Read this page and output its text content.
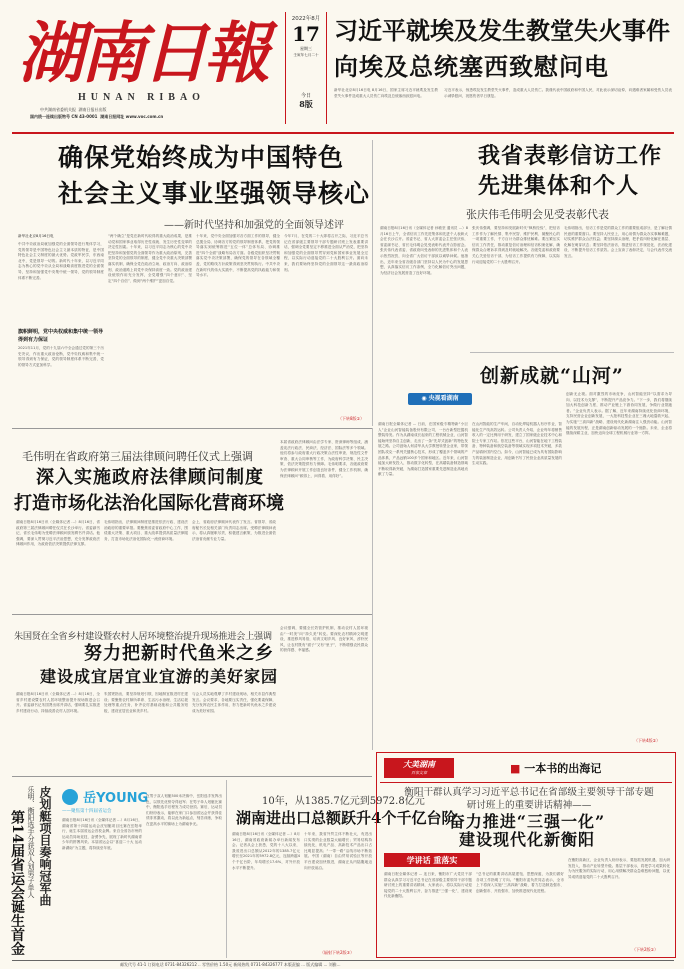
湖南日報
HUNAN RIBAO
中共湖南省委机关报 湖南日报社出版
国内统一连续出版物号 CN 43-0001 湖南日报网址 www.voc.com.cn
2022年8月
17
星期三
壬寅年七月二十
今日
8版
习近平就埃及发生教堂失火事件
向埃及总统塞西致慰问电
新华社北京8月16日电 8月16日，国家主席习近平就埃及发生教堂失火事件造成重大人员伤亡向埃及总统塞西致慰问电。
习近平表示，惊悉埃及发生教堂失火事件，造成重大人员伤亡。我谨代表中国政府和中国人民，对此表示深切哀悼，向遇难者家属和受伤人员表示诚挚慰问，祝愿伤者早日康复。
确保党始终成为中国特色
社会主义事业坚强领导核心
——新时代坚持和加强党的全面领导述评
新华社北京8月16日电
中共中央政治局就加强党的全面领导进行集体学习，党的领导是中国特色社会主义最本质的特征，是中国特色社会主义制度的最大优势。党政军民学，东西南北中，党是领导一切的。新时代十年来，以习近平同志为核心的党中央从全局和战略高度推进党的全面领导，坚持和加强党中央集中统一领导，党的领导制度体系不断完善。
旗帜鲜明，党中央权威和集中统一领导得到有力保证
2021年11月，党的十九届六中全会通过党的第三个历史决议，作出重大政治论断，党中央权威和集中统一领导得到有力保证，党的领导制度体系不断完善，党的领导方式更加科学。
“两个确立”是党在新时代取得的重大政治成果，是推动党和国家事业取得历史性成就、发生历史性变革的决定性因素。十年来，以习近平同志为核心的党中央把坚持和加强党的全面领导作为重大政治原则，完善坚持党的全面领导的制度，健全党中央重大决策部署落实机制，确保全党在政治立场、政治方向、政治原则、政治道路上同党中央保持高度一致。党的政治建设统领作用充分发挥，全党增强“四个意识”、坚定“四个自信”、做到“两个维护”更加自觉。
十年来，党中央全面加强对各方面工作的领导，健全总揽全局、协调各方的党的领导制度体系，把党的领导落实到统筹推进“五位一体”总体布局、协调推进“四个全面”战略布局各方面。各级党组织坚决贯彻落实党中央决策部署，确保党的领导在各领域全覆盖，党的路线方针政策得到坚决贯彻执行。中共中央在新时代的伟大实践中，不断提高党的执政能力和领导水平。
今年7月，在党的二十大即将召开之际，习近平总书记在省部级主要领导干部专题研讨班上发表重要讲话，强调全党要坚定不移推进全面从严治党，把坚持和加强党的全面领导贯穿到党和国家事业发展全过程，以实际行动迎接党的二十大胜利召开。面向未来，我们要始终坚持党的全面领导这一最高政治原则。
（下转8版①）
我省表彰信访工作
先进集体和个人
张庆伟毛伟明会见受表彰代表
湖南日报8月16日讯（全媒体记者 孙敏坚 通讯员 ...）8月16日上午，全省信访工作先进集体和先进个人表彰大会在长沙召开。省委书记、省人大常委会主任张庆伟，省委副书记、省长毛伟明会见受表彰代表并合影留念。张庆伟代表省委、省政府向受表彰的先进集体和个人表示热烈祝贺，向全省广大信访干部致以诚挚问候。他指出，近年来全省各级各部门坚持以人民为中心的发展思想，认真落实信访工作条例，全力化解信访突出问题，为经济社会发展营造了良好环境。
张庆伟强调，要坚持和发展新时代“枫桥经验”，把信访工作作为了解民情、集中民智、维护民利、凝聚民心的一项重要工作，千方百计为群众排忧解难。要压紧压实信访工作责任，推动重复信访治理和信访积案化解，确保群众合理诉求得到及时就地解决。各级党委和政府要关心关爱信访干部，为信访工作提供有力保障，以实际行动迎接党的二十大胜利召开。
毛伟明指出，信访工作是党的群众工作的重要组成部分，是了解社情民意的重要窗口。要坚持人民至上，用心用情为群众办实事解难题，切实维护群众合法权益；要坚持源头治理，把矛盾纠纷化解在基层、化解在萌芽状态；要坚持依法治访，推进信访工作规范化、法治化建设，不断提升信访工作质效。会上宣读了表彰决定，与会代表作交流发言。
创新成就“山河”
◉ 央视看湖南
湖南日报全媒体记者 ... 日前，在国家级专精特新“小巨人”企业山河智能装备股份有限公司，一台台新型挖掘机整装待发。作为从湖南成长起来的工程机械企业，山河智能始终坚持自主创新，走出了一条“先导式创新”的特色发展之路。公司创始人何清华从大学教授转型企业家，带领团队攻克一系列关键核心技术，形成了覆盖多个领域的产品体系，产品远销100多个国家和地区。近年来，山河智能加大研发投入，推动数字化转型，在高端装备制造领域不断取得新突破，为湖南打造国家重要先进制造业高地贡献了力量。
在山河智能的生产车间，自动化焊接机器人有序作业，智能化生产线高效运转。公司负责人介绍，企业每年将销售收入的一定比例用于研发，建立了国家级企业技术中心和院士专家工作站。依托这些平台，山河智能在地下工程装备、特种装备和航空装备等领域实现多项技术突破，多款产品填补国内空白。如今，山河智能已成为具有国际影响力的装备制造企业，用创新书写了民营企业高质量发展的生动实践。
创新无止境。面对激烈的市场竞争，山河智能坚持“以需求为导向、以技术为支撑”，不断提升产品竞争力。“下一步，我们将继续加大科技创新力度，推动产业链上下游协同发展，争做行业领跑者。”企业负责人表示。据了解，近年来湖南持续优化营商环境，支持民营企业创新发展，一大批科技型企业在三湘大地蓬勃兴起，为实施“三高四新”战略、建设现代化新湖南注入强劲动能。山河智能的发展历程，正是湖南创新驱动发展的一个缩影。未来，企业将继续深耕主业，加快迈向全球工程机械行业第一方阵。
（下转4版②）
毛伟明在省政府第三届法律顾问聘任仪式上强调
深入实施政府法律顾问制度
打造市场化法治化国际化营商环境
湖南日报8月16日讯（全媒体记者 ...）8月16日，省政府第三届法律顾问聘任仪式在长沙举行。省委副书记、省长毛伟明为受聘法律顾问颁发聘书并讲话。他强调，要深入贯彻习近平法治思想，充分发挥政府法律顾问作用，为政府依法决策提供法律支撑。
毛伟明指出，法律顾问制度是推进依法行政、建设法治政府的重要举措。要聚焦省委省政府中心工作，围绕重大决策、重大项目、重大改革提供高质量法律服务，打造市场化法治化国际化一流营商环境。
会上，省政府法律顾问代表作了发言。省领导、省政府秘书长及相关部门负责同志出席。受聘法律顾问表示，将认真履职尽责，积极建言献策，为推进全面依法治省贡献专业力量。
本届省政府法律顾问由法学专家、资深律师等组成，涵盖宪法行政法、民商法、经济法、国际法等多个领域。他们将参与政府重大行政决策合法性审查、规范性文件审查、重大合同审核等工作，为政府科学决策、民主决策、依法决策提供有力保障。毛伟明要求，各级政府要为法律顾问开展工作创造良好条件，健全工作机制，确保法律顾问“顾得上、问得着、用得好”。
朱国贤在全省乡村建设暨农村人居环境整治提升现场推进会上强调
努力把新时代鱼米之乡
建设成宜居宜业宜游的美好家园
湖南日报8月16日讯（全媒体记者 ...）8月16日，全省乡村建设暨农村人居环境整治提升现场推进会召开。省委副书记朱国贤出席并讲话，强调要扎实推进乡村建设行动，持续改善农村人居环境。
朱国贤指出，要坚持规划引领，因地制宜推进村庄建设；要聚焦农村厕所革命、生活污水治理、生活垃圾处理等重点任务，补齐农村基础设施和公共服务短板，建设宜居宜业和美乡村。
与会人员实地观摩了乡村建设现场，相关市县作典型发言。会议要求，各地要压实责任，强化要素保障，充分发挥农民主体作用，努力把新时代鱼米之乡建设成为美好家园。
会议强调，要健全长效管护机制，推动农村人居环境由“一时美”向“持久美”转变。要深化农村精神文明建设，推进移风易俗，培育文明乡风、良好家风、淳朴民风，让农村既有“面子”又有“里子”，不断增强农民群众的获得感、幸福感。
皮划艇项目奏响冠军曲
乐明、衡阳选手分获双人划男子单人
第14届省运会诞生首金
岳YOUNG
——聚焦第十四届省运会
湖南日报8月16日讯（全媒体记者 ...）8月16日，湖南省第十四届运动会皮划艇项目比赛在岳阳举行，诞生本届省运会首枚金牌。来自全省各市州的运动员同场竞技，奋勇争先，展现了新时代湖南青少年的拼搏风采。本届省运会以“喜迎二十大 运动新湖南”为主题，将持续至年底。
在男子双人划艇500米决赛中，岳阳选手发挥出色，以领先优势夺得冠军；在男子单人划艇比赛中，衡阳选手后程发力成功登顶。赛后，运动员们纷纷表示，能够在家门口参加省运会并获得佳绩非常激动，将以此为新起点，刻苦训练，争取在更高水平的赛场上为湖南争光。
10年，从1385.7亿元到5972.8亿元
湖南进出口总额跃升4个千亿台阶
湖南日报8月16日讯（全媒体记者 ...）8月16日，湖南省政府新闻办举行新闻发布会。记者从会上获悉，党的十八大以来，我省进出口总额从2012年的1385.7亿元增长至2021年的5972.8亿元，连续跨越4个千亿台阶，年均增长17.6%，对外开放水平不断提升。
十年来，我省外贸主体不断壮大，有进出口实绩的企业数量大幅增长；贸易结构持续优化，机电产品、高新技术产品出口占比明显提高；“一带一路”沿线市场不断拓展。中国（湖南）自由贸易试验区等开放平台建设加快推进，湖南正从内陆腹地迈向开放前沿。
（辐射下转2版③）
大美湖南
百家文章	■ 一本书的出海记
衡阳干群认真学习习近平总书记在省部级主要领导干部专题研讨班上的重要讲话精神——
奋力推进“三强一化”
建设现代化新衡阳
学讲话 重落实
湖南日报全媒体记者 ... 连日来，衡阳市广大党员干部群众认真学习习近平总书记在省部级主要领导干部专题研讨班上的重要讲话精神，大家表示，将以实际行动迎接党的二十大胜利召开，奋力推进“三强一化”，建设现代化新衡阳。
“总书记的重要讲话高屋建瓴、思想深邃，为我们做好各项工作指明了方向。”衡阳市委负责同志表示，全市上下将深入实施“三高四新”战略，着力打造制造强市、创新强市、开放强市，加快推进现代化进程。
在衡阳高新区，企业负责人纷纷表示，要抢抓发展机遇，加大研发投入，推动产业转型升级。基层干部表示，将把学习成果转化为为民服务的实际行动，用心用情解决群众急难愁盼问题，以优异成绩迎接党的二十大胜利召开。
（下转2版①）
邮发代号 41-1 订阅电话 0731-84326212 .. 零售价格 1.50元 新闻热线 0731-84326777 本版责编 ... 版式编辑 ... 刘雅...
